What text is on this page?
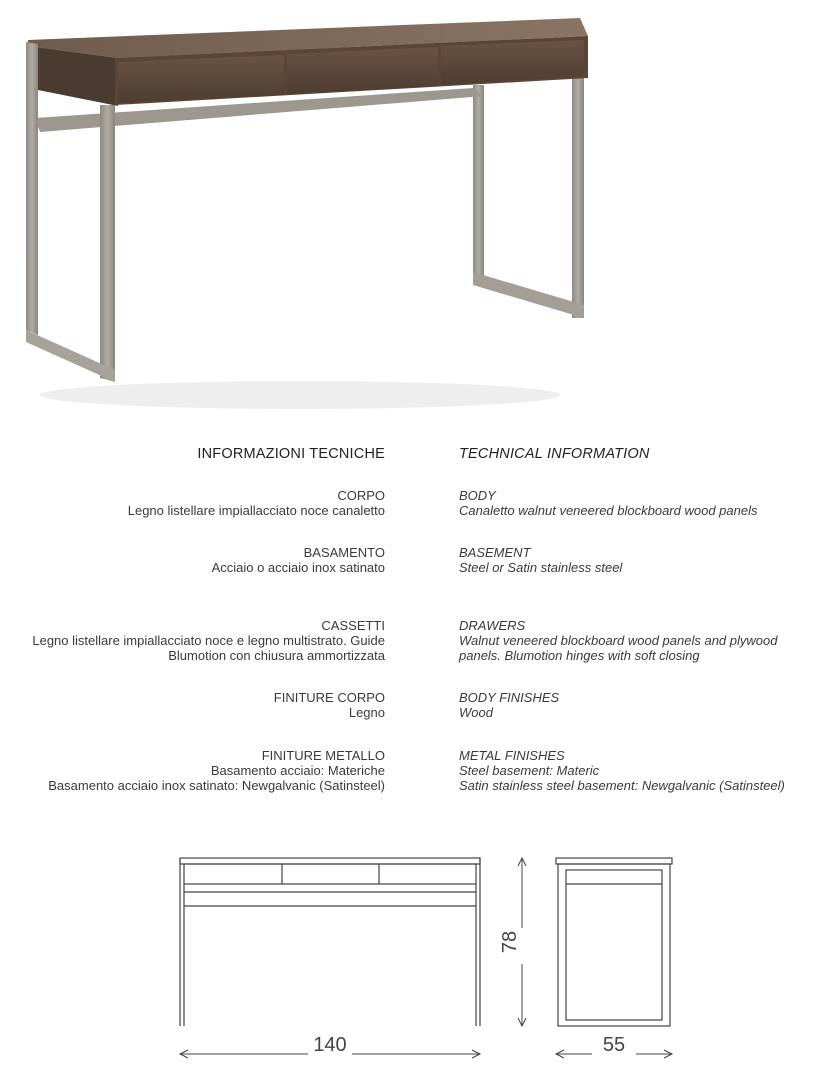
INFORMAZIONI TECNICHE	TECHNICAL INFORMATION
CORPO
Legno listellare impiallacciato noce canaletto
BASAMENTO
Acciaio o acciaio inox satinato
CASSETTI
Legno listellare impiallacciato noce e legno multistrato. Guide
Blumotion con chiusura ammortizzata
FINITURE CORPO
Legno
FINITURE METALLO
Basamento acciaio: Materiche
Basamento acciaio inox satinato: Newgalvanic (Satinsteel)
BODY
Canaletto walnut veneered blockboard wood panels
BASEMENT
Steel or Satin stainless steel
DRAWERS
Walnut veneered blockboard wood panels and plywood
panels. Blumotion hinges with soft closing
BODY FINISHES
Wood
METAL FINISHES
Steel basement: Materic
Satin stainless steel basement: Newgalvanic (Satinsteel)
140	55
78
